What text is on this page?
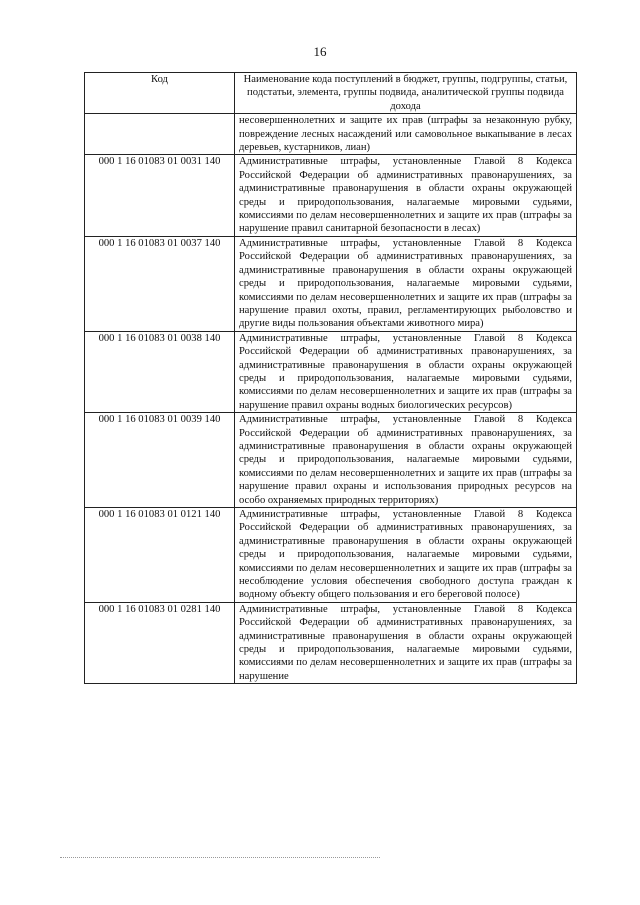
16
Код	Наименование кода поступлений в бюджет, группы, подгруппы, статьи, подстатьи, элемента, группы подвида, аналитической группы подвида дохода
	несовершеннолетних и защите их прав (штрафы за незаконную рубку, повреждение лесных насаждений или самовольное выкапывание в лесах деревьев, кустарников, лиан)
000 1 16 01083 01 0031 140	Административные штрафы, установленные Главой 8 Кодекса Российской Федерации об административных правонарушениях, за административные правонарушения в области охраны окружающей среды и природопользования, налагаемые мировыми судьями, комиссиями по делам несовершеннолетних и защите их прав (штрафы за нарушение правил санитарной безопасности в лесах)
000 1 16 01083 01 0037 140	Административные штрафы, установленные Главой 8 Кодекса Российской Федерации об административных правонарушениях, за административные правонарушения в области охраны окружающей среды и природопользования, налагаемые мировыми судьями, комиссиями по делам несовершеннолетних и защите их прав (штрафы за нарушение правил охоты, правил, регламентирующих рыболовство и другие виды пользования объектами животного мира)
000 1 16 01083 01 0038 140	Административные штрафы, установленные Главой 8 Кодекса Российской Федерации об административных правонарушениях, за административные правонарушения в области охраны окружающей среды и природопользования, налагаемые мировыми судьями, комиссиями по делам несовершеннолетних и защите их прав (штрафы за нарушение правил охраны водных биологических ресурсов)
000 1 16 01083 01 0039 140	Административные штрафы, установленные Главой 8 Кодекса Российской Федерации об административных правонарушениях, за административные правонарушения в области охраны окружающей среды и природопользования, налагаемые мировыми судьями, комиссиями по делам несовершеннолетних и защите их прав (штрафы за нарушение правил охраны и использования природных ресурсов на особо охраняемых природных территориях)
000 1 16 01083 01 0121 140	Административные штрафы, установленные Главой 8 Кодекса Российской Федерации об административных правонарушениях, за административные правонарушения в области охраны окружающей среды и природопользования, налагаемые мировыми судьями, комиссиями по делам несовершеннолетних и защите их прав (штрафы за несоблюдение условия обеспечения свободного доступа граждан к водному объекту общего пользования и его береговой полосе)
000 1 16 01083 01 0281 140	Административные штрафы, установленные Главой 8 Кодекса Российской Федерации об административных правонарушениях, за административные правонарушения в области охраны окружающей среды и природопользования, налагаемые мировыми судьями, комиссиями по делам несовершеннолетних и защите их прав (штрафы за нарушение
